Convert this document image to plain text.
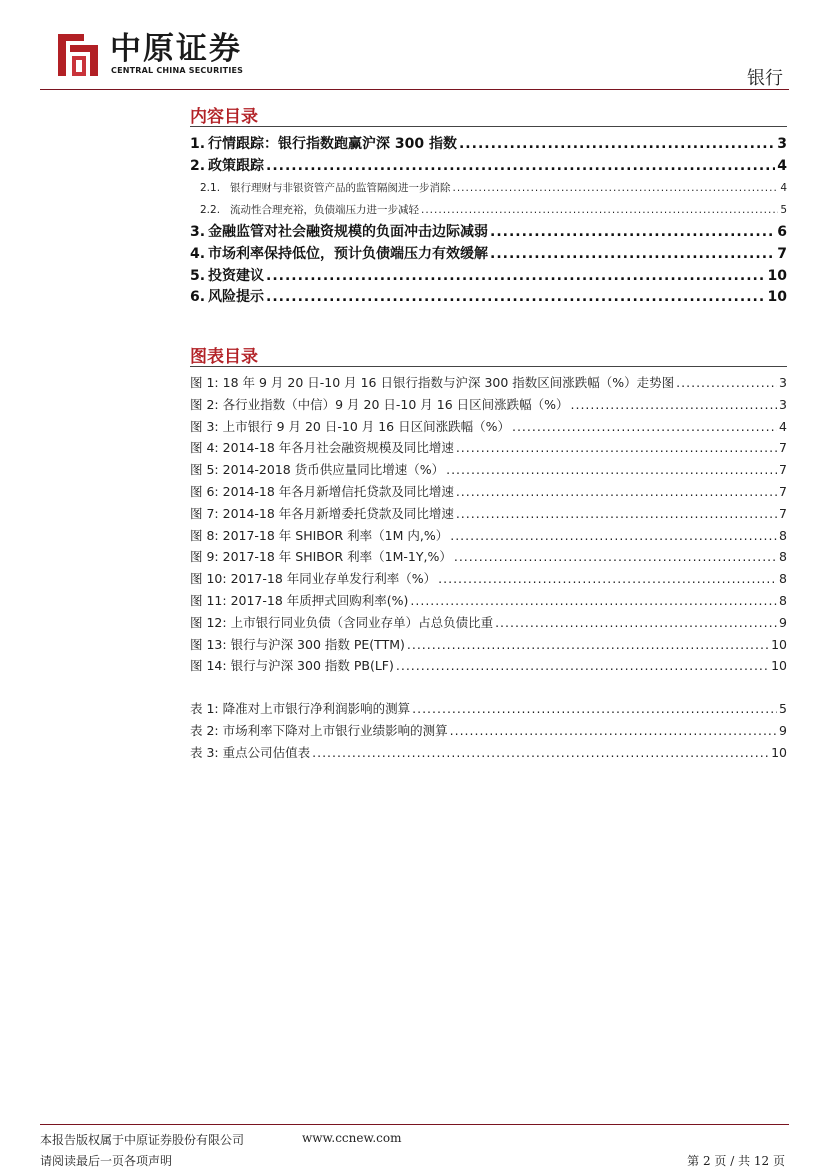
中原证券
CENTRAL CHINA SECURITIES	银行
内容目录
1. 行情跟踪：银行指数跑赢沪深 300 指数 .....	3
2. 政策跟踪 .....	4
2.1. 银行理财与非银资管产品的监管隔阂进一步消除 .....	4
2.2. 流动性合理充裕，负债端压力进一步减轻 .....	5
3. 金融监管对社会融资规模的负面冲击边际减弱 .....	6
4. 市场利率保持低位，预计负债端压力有效缓解 .....	7
5. 投资建议 .....	10
6. 风险提示 .....	10
图表目录
图 1: 18 年 9 月 20 日-10 月 16 日银行指数与沪深 300 指数区间涨跌幅（%）走势图 .....	3
图 2: 各行业指数（中信）9 月 20 日-10 月 16 日区间涨跌幅（%） .....	3
图 3: 上市银行 9 月 20 日-10 月 16 日区间涨跌幅（%） .....	4
图 4: 2014-18 年各月社会融资规模及同比增速 .....	7
图 5: 2014-2018 货币供应量同比增速（%） .....	7
图 6: 2014-18 年各月新增信托贷款及同比增速 .....	7
图 7: 2014-18 年各月新增委托贷款及同比增速 .....	7
图 8: 2017-18 年 SHIBOR 利率（1M 内,%） .....	8
图 9: 2017-18 年 SHIBOR 利率（1M-1Y,%） .....	8
图 10: 2017-18 年同业存单发行利率（%） .....	8
图 11: 2017-18 年质押式回购利率(%) .....	8
图 12: 上市银行同业负债（含同业存单）占总负债比重 .....	9
图 13: 银行与沪深 300 指数 PE(TTM) .....	10
图 14: 银行与沪深 300 指数 PB(LF) .....	10
表 1: 降准对上市银行净利润影响的测算 .....	5
表 2: 市场利率下降对上市银行业绩影响的测算 .....	9
表 3: 重点公司估值表 .....	10
本报告版权属于中原证券股份有限公司	www.ccnew.com
请阅读最后一页各项声明	第 2 页 / 共 12 页
